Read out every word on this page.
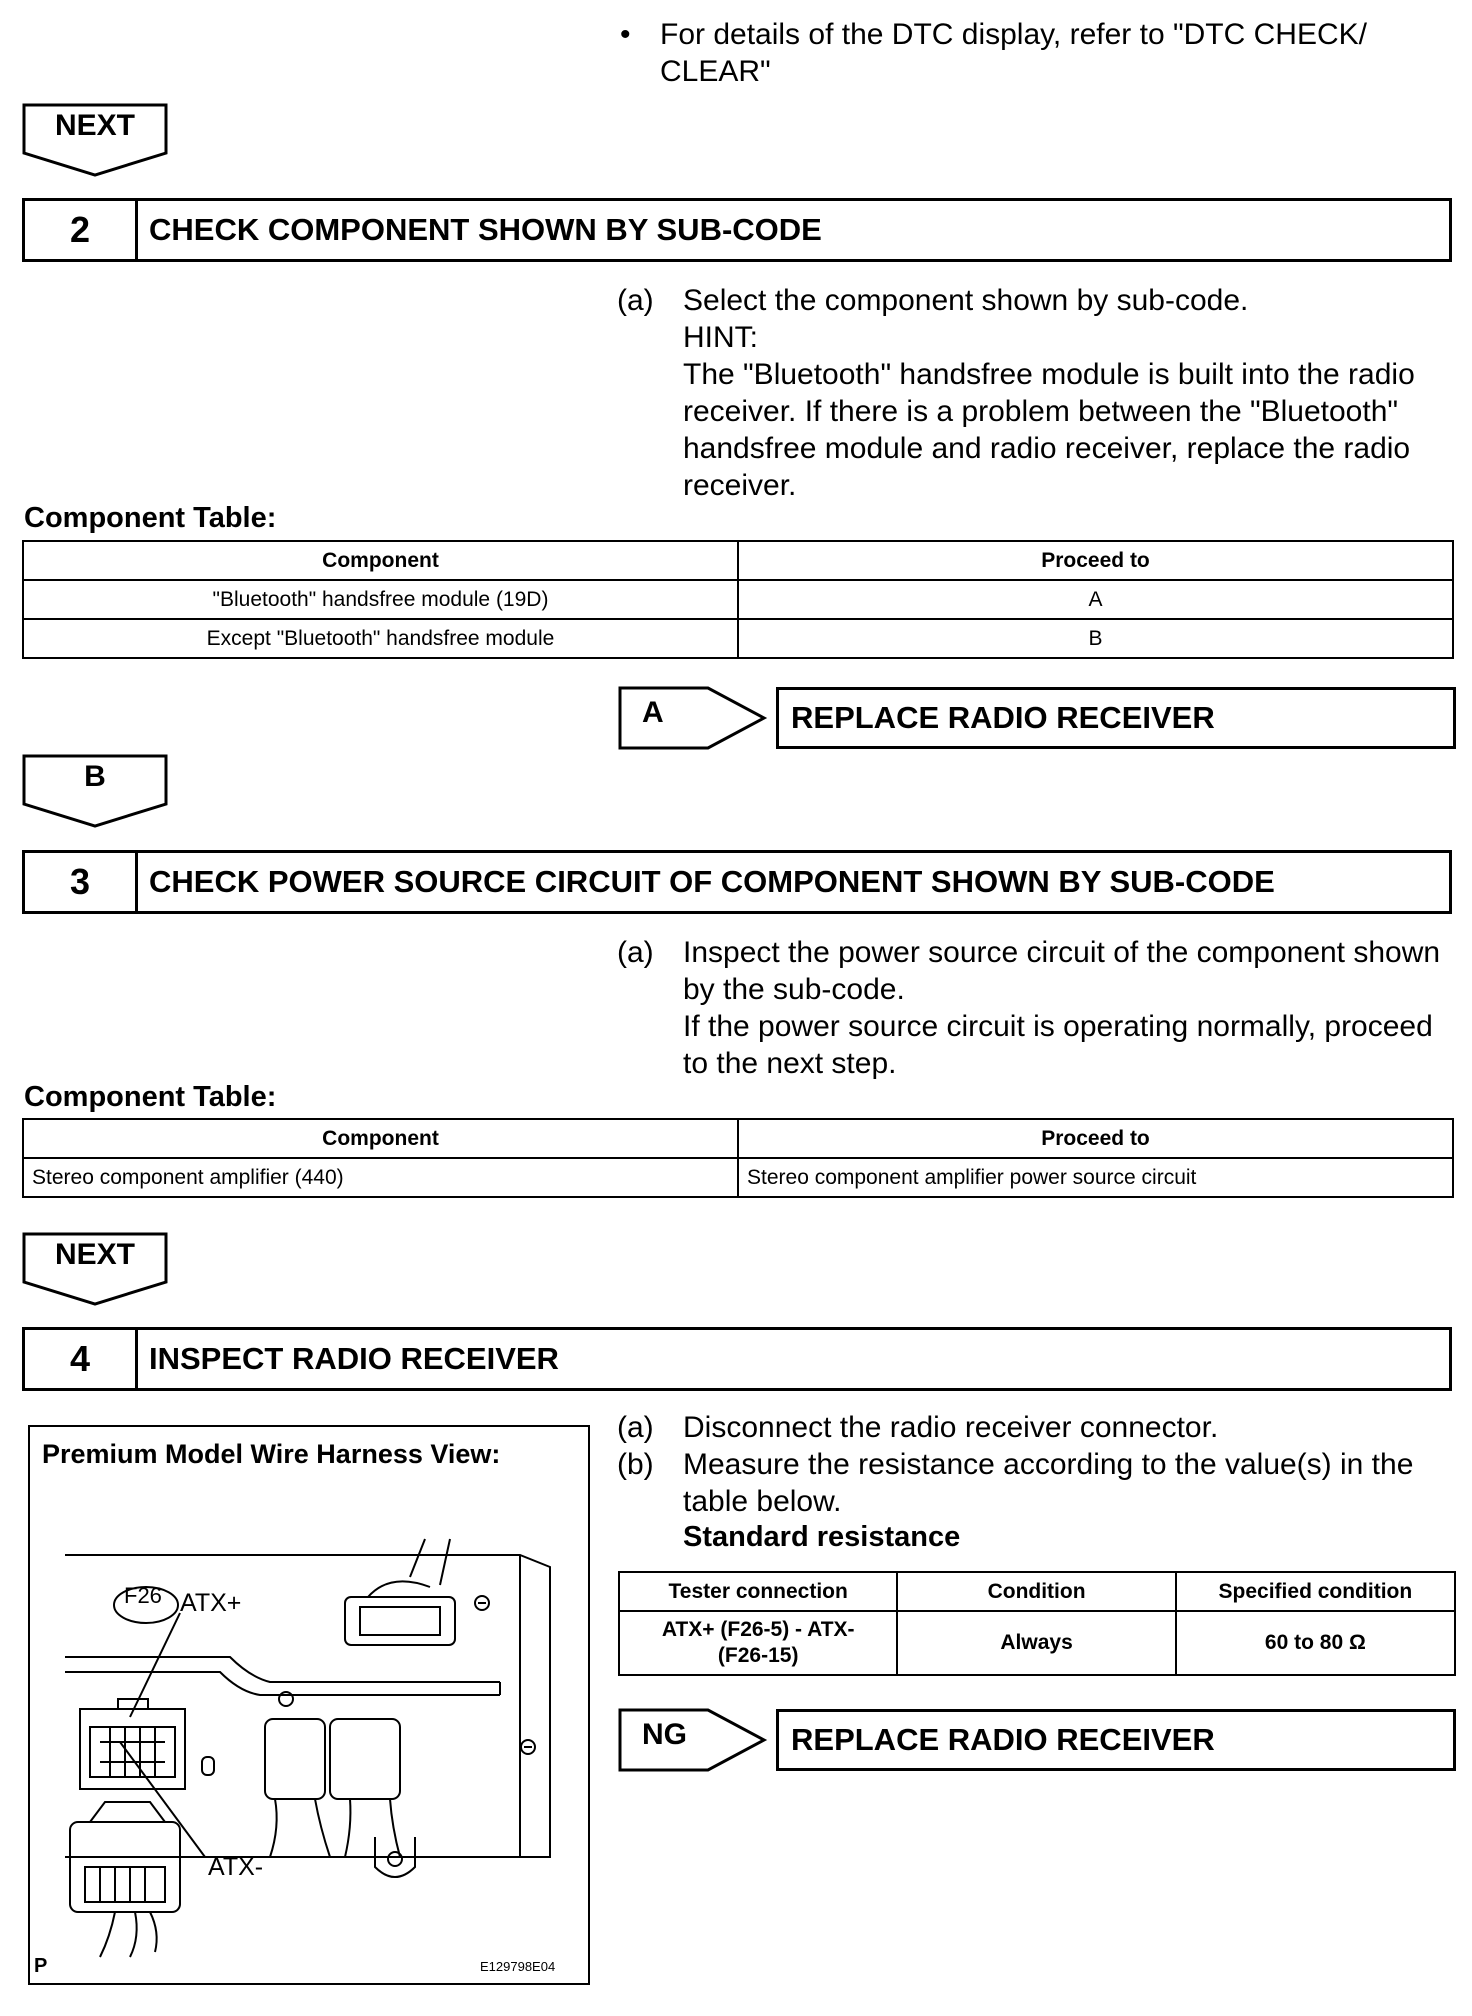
• For details of the DTC display, refer to "DTC CHECK/
CLEAR"
NEXT
2	CHECK COMPONENT SHOWN BY SUB-CODE
(a) Select the component shown by sub-code.
HINT:
The "Bluetooth" handsfree module is built into the radio
receiver. If there is a problem between the "Bluetooth"
handsfree module and radio receiver, replace the radio
receiver.
Component Table:
Component	Proceed to
"Bluetooth" handsfree module (19D)	A
Except "Bluetooth" handsfree module	B
A	REPLACE RADIO RECEIVER
B
3	CHECK POWER SOURCE CIRCUIT OF COMPONENT SHOWN BY SUB-CODE
(a) Inspect the power source circuit of the component shown
by the sub-code.
If the power source circuit is operating normally, proceed
to the next step.
Component Table:
Component	Proceed to
Stereo component amplifier (440)	Stereo component amplifier power source circuit
NEXT
4	INSPECT RADIO RECEIVER
Premium Model Wire Harness View:
F26 ATX+
ATX-
P	E129798E04
(a) Disconnect the radio receiver connector.
(b) Measure the resistance according to the value(s) in the
table below.
Standard resistance
Tester connection	Condition	Specified condition

ATX+ (F26-5) - ATX-
(F26-15)	Always	60 to 80 Ω
NG	REPLACE RADIO RECEIVER
